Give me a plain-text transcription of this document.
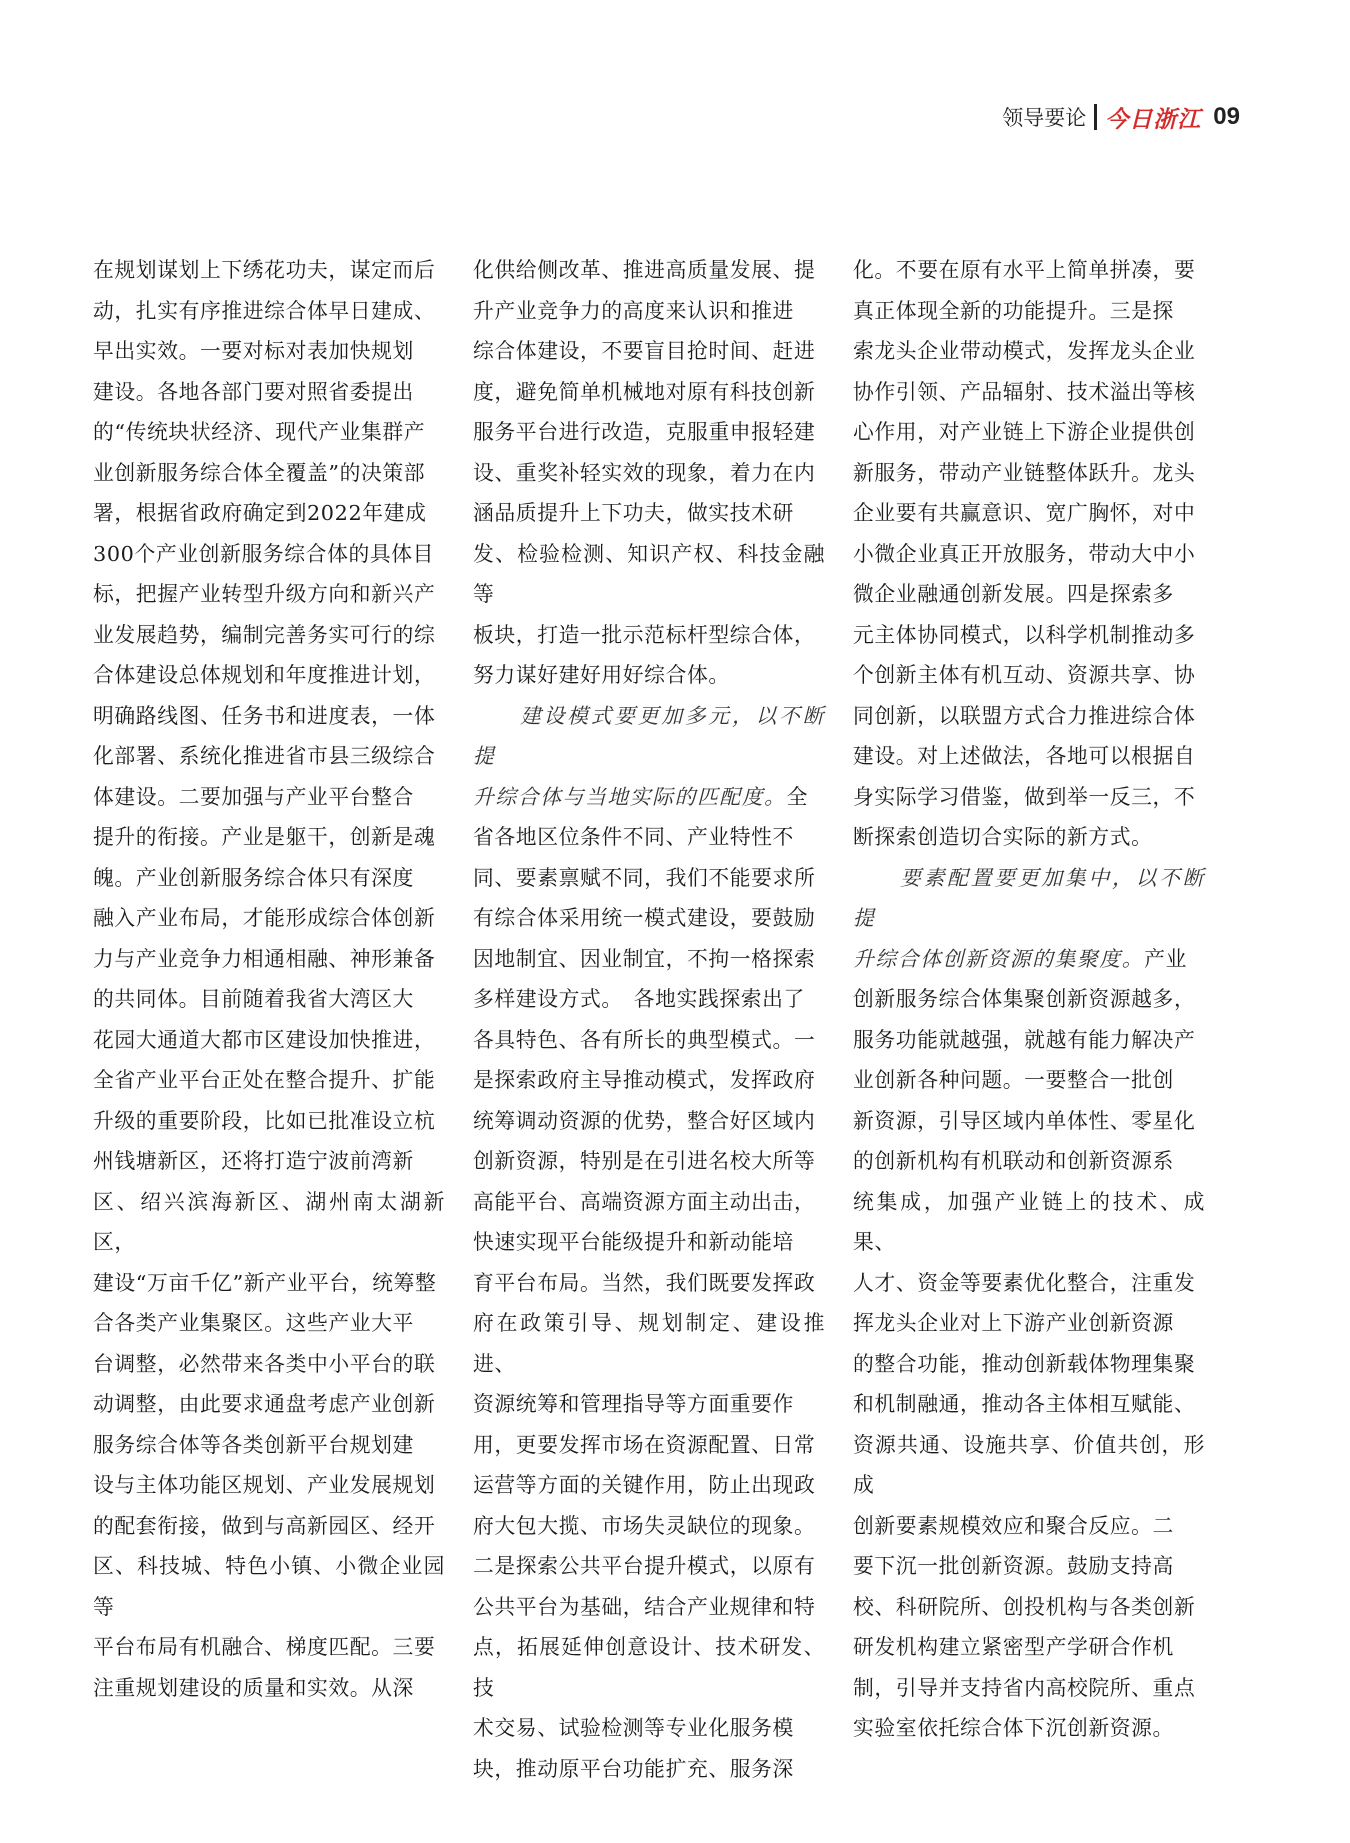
领导要论 今日浙江 09

在规划谋划上下绣花功夫，谋定而后
动，扎实有序推进综合体早日建成、
早出实效。一要对标对表加快规划
建设。各地各部门要对照省委提出
的“传统块状经济、现代产业集群产
业创新服务综合体全覆盖”的决策部
署，根据省政府确定到2022年建成
300个产业创新服务综合体的具体目
标，把握产业转型升级方向和新兴产
业发展趋势，编制完善务实可行的综
合体建设总体规划和年度推进计划，
明确路线图、任务书和进度表，一体
化部署、系统化推进省市县三级综合
体建设。二要加强与产业平台整合
提升的衔接。产业是躯干，创新是魂
魄。产业创新服务综合体只有深度
融入产业布局，才能形成综合体创新
力与产业竞争力相通相融、神形兼备
的共同体。目前随着我省大湾区大
花园大通道大都市区建设加快推进，
全省产业平台正处在整合提升、扩能
升级的重要阶段，比如已批准设立杭
州钱塘新区，还将打造宁波前湾新
区、绍兴滨海新区、湖州南太湖新区，
建设“万亩千亿”新产业平台，统筹整
合各类产业集聚区。这些产业大平
台调整，必然带来各类中小平台的联
动调整，由此要求通盘考虑产业创新
服务综合体等各类创新平台规划建
设与主体功能区规划、产业发展规划
的配套衔接，做到与高新园区、经开
区、科技城、特色小镇、小微企业园等
平台布局有机融合、梯度匹配。三要
注重规划建设的质量和实效。从深

化供给侧改革、推进高质量发展、提
升产业竞争力的高度来认识和推进
综合体建设，不要盲目抢时间、赶进
度，避免简单机械地对原有科技创新
服务平台进行改造，克服重申报轻建
设、重奖补轻实效的现象，着力在内
涵品质提升上下功夫，做实技术研
发、检验检测、知识产权、科技金融等
板块，打造一批示范标杆型综合体，
努力谋好建好用好综合体。

　　建设模式要更加多元，以不断提
升综合体与当地实际的匹配度。全
省各地区位条件不同、产业特性不
同、要素禀赋不同，我们不能要求所
有综合体采用统一模式建设，要鼓励
因地制宜、因业制宜，不拘一格探索
多样建设方式。　各地实践探索出了
各具特色、各有所长的典型模式。一
是探索政府主导推动模式，发挥政府
统筹调动资源的优势，整合好区域内
创新资源，特别是在引进名校大所等
高能平台、高端资源方面主动出击，
快速实现平台能级提升和新动能培
育平台布局。当然，我们既要发挥政
府在政策引导、规划制定、建设推进、
资源统筹和管理指导等方面重要作
用，更要发挥市场在资源配置、日常
运营等方面的关键作用，防止出现政
府大包大揽、市场失灵缺位的现象。
二是探索公共平台提升模式，以原有
公共平台为基础，结合产业规律和特
点，拓展延伸创意设计、技术研发、技
术交易、试验检测等专业化服务模
块，推动原平台功能扩充、服务深

化。不要在原有水平上简单拼凑，要
真正体现全新的功能提升。三是探
索龙头企业带动模式，发挥龙头企业
协作引领、产品辐射、技术溢出等核
心作用，对产业链上下游企业提供创
新服务，带动产业链整体跃升。龙头
企业要有共赢意识、宽广胸怀，对中
小微企业真正开放服务，带动大中小
微企业融通创新发展。四是探索多
元主体协同模式，以科学机制推动多
个创新主体有机互动、资源共享、协
同创新，以联盟方式合力推进综合体
建设。对上述做法，各地可以根据自
身实际学习借鉴，做到举一反三，不
断探索创造切合实际的新方式。

　　要素配置要更加集中，以不断提
升综合体创新资源的集聚度。产业
创新服务综合体集聚创新资源越多，
服务功能就越强，就越有能力解决产
业创新各种问题。一要整合一批创
新资源，引导区域内单体性、零星化
的创新机构有机联动和创新资源系
统集成，加强产业链上的技术、成果、
人才、资金等要素优化整合，注重发
挥龙头企业对上下游产业创新资源
的整合功能，推动创新载体物理集聚
和机制融通，推动各主体相互赋能、
资源共通、设施共享、价值共创，形成
创新要素规模效应和聚合反应。二
要下沉一批创新资源。鼓励支持高
校、科研院所、创投机构与各类创新
研发机构建立紧密型产学研合作机
制，引导并支持省内高校院所、重点
实验室依托综合体下沉创新资源。
